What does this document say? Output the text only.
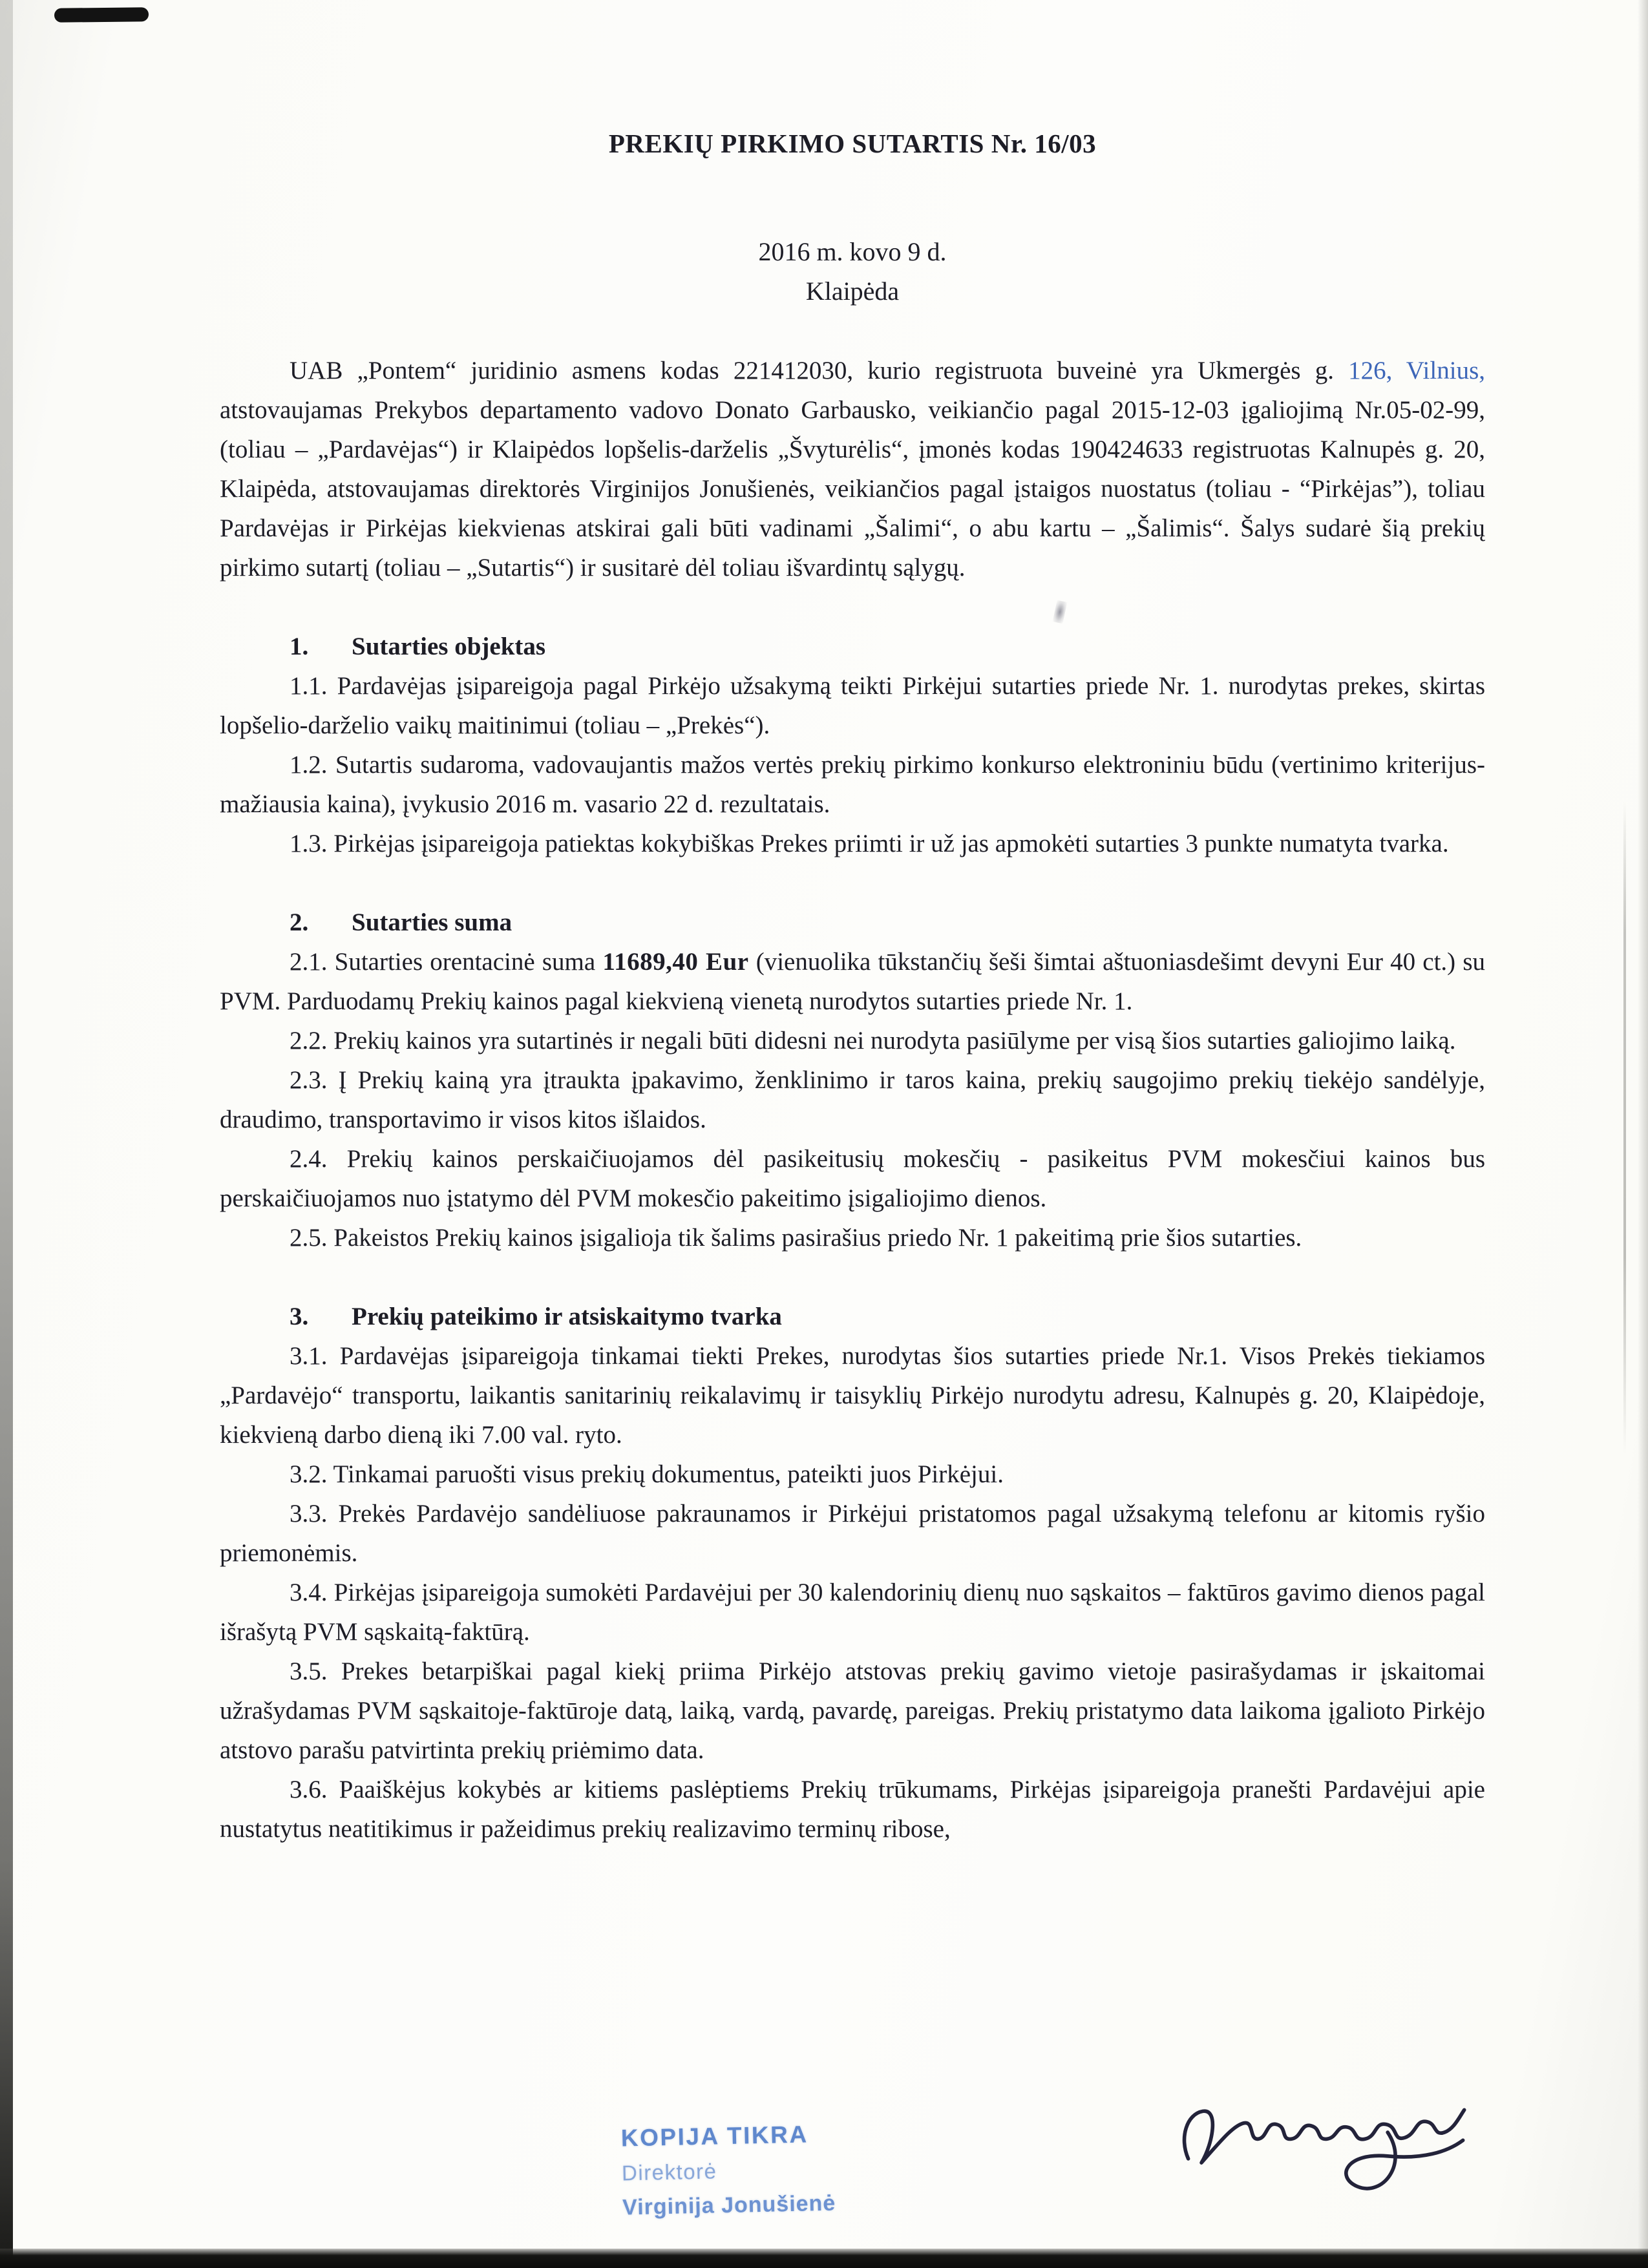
PREKIŲ PIRKIMO SUTARTIS Nr. 16/03

2016 m. kovo 9 d.

Klaipėda

UAB „Pontem“ juridinio asmens kodas 221412030, kurio registruota buveinė yra Ukmergės g. 126, Vilnius, atstovaujamas Prekybos departamento vadovo Donato Garbausko, veikiančio pagal 2015-12-03 įgaliojimą Nr.05-02-99, (toliau – „Pardavėjas“) ir Klaipėdos lopšelis-darželis „Švyturėlis“, įmonės kodas 190424633 registruotas Kalnupės g. 20, Klaipėda, atstovaujamas direktorės Virginijos Jonušienės, veikiančios pagal įstaigos nuostatus (toliau - “Pirkėjas”), toliau Pardavėjas ir Pirkėjas kiekvienas atskirai gali būti vadinami „Šalimi“, o abu kartu – „Šalimis“. Šalys sudarė šią prekių pirkimo sutartį (toliau – „Sutartis“) ir susitarė dėl toliau išvardintų sąlygų.

1. Sutarties objektas

1.1. Pardavėjas įsipareigoja pagal Pirkėjo užsakymą teikti Pirkėjui sutarties priede Nr. 1. nurodytas prekes, skirtas lopšelio-darželio vaikų maitinimui (toliau – „Prekės“).

1.2. Sutartis sudaroma, vadovaujantis mažos vertės prekių pirkimo konkurso elektroniniu būdu (vertinimo kriterijus- mažiausia kaina), įvykusio 2016 m. vasario 22 d. rezultatais.

1.3. Pirkėjas įsipareigoja patiektas kokybiškas Prekes priimti ir už jas apmokėti sutarties 3 punkte numatyta tvarka.

2. Sutarties suma

2.1. Sutarties orentacinė suma 11689,40 Eur (vienuolika tūkstančių šeši šimtai aštuoniasdešimt devyni Eur 40 ct.) su PVM. Parduodamų Prekių kainos pagal kiekvieną vienetą nurodytos sutarties priede Nr. 1.

2.2. Prekių kainos yra sutartinės ir negali būti didesni nei nurodyta pasiūlyme per visą šios sutarties galiojimo laiką.

2.3. Į Prekių kainą yra įtraukta įpakavimo, ženklinimo ir taros kaina, prekių saugojimo prekių tiekėjo sandėlyje, draudimo, transportavimo ir visos kitos išlaidos.

2.4. Prekių kainos perskaičiuojamos dėl pasikeitusių mokesčių - pasikeitus PVM mokesčiui kainos bus perskaičiuojamos nuo įstatymo dėl PVM mokesčio pakeitimo įsigaliojimo dienos.

2.5. Pakeistos Prekių kainos įsigalioja tik šalims pasirašius priedo Nr. 1 pakeitimą prie šios sutarties.

3. Prekių pateikimo ir atsiskaitymo tvarka

3.1. Pardavėjas įsipareigoja tinkamai tiekti Prekes, nurodytas šios sutarties priede Nr.1. Visos Prekės tiekiamos „Pardavėjo“ transportu, laikantis sanitarinių reikalavimų ir taisyklių Pirkėjo nurodytu adresu, Kalnupės g. 20, Klaipėdoje, kiekvieną darbo dieną iki 7.00 val. ryto.

3.2. Tinkamai paruošti visus prekių dokumentus, pateikti juos Pirkėjui.

3.3. Prekės Pardavėjo sandėliuose pakraunamos ir Pirkėjui pristatomos pagal užsakymą telefonu ar kitomis ryšio priemonėmis.

3.4. Pirkėjas įsipareigoja sumokėti Pardavėjui per 30 kalendorinių dienų nuo sąskaitos – faktūros gavimo dienos pagal išrašytą PVM sąskaitą-faktūrą.

3.5. Prekes betarpiškai pagal kiekį priima Pirkėjo atstovas prekių gavimo vietoje pasirašydamas ir įskaitomai užrašydamas PVM sąskaitoje-faktūroje datą, laiką, vardą, pavardę, pareigas. Prekių pristatymo data laikoma įgalioto Pirkėjo atstovo parašu patvirtinta prekių priėmimo data.

3.6. Paaiškėjus kokybės ar kitiems paslėptiems Prekių trūkumams, Pirkėjas įsipareigoja pranešti Pardavėjui apie nustatytus neatitikimus ir pažeidimus prekių realizavimo terminų ribose,

KOPIJA TIKRA
Direktorė
Virginija Jonušienė
